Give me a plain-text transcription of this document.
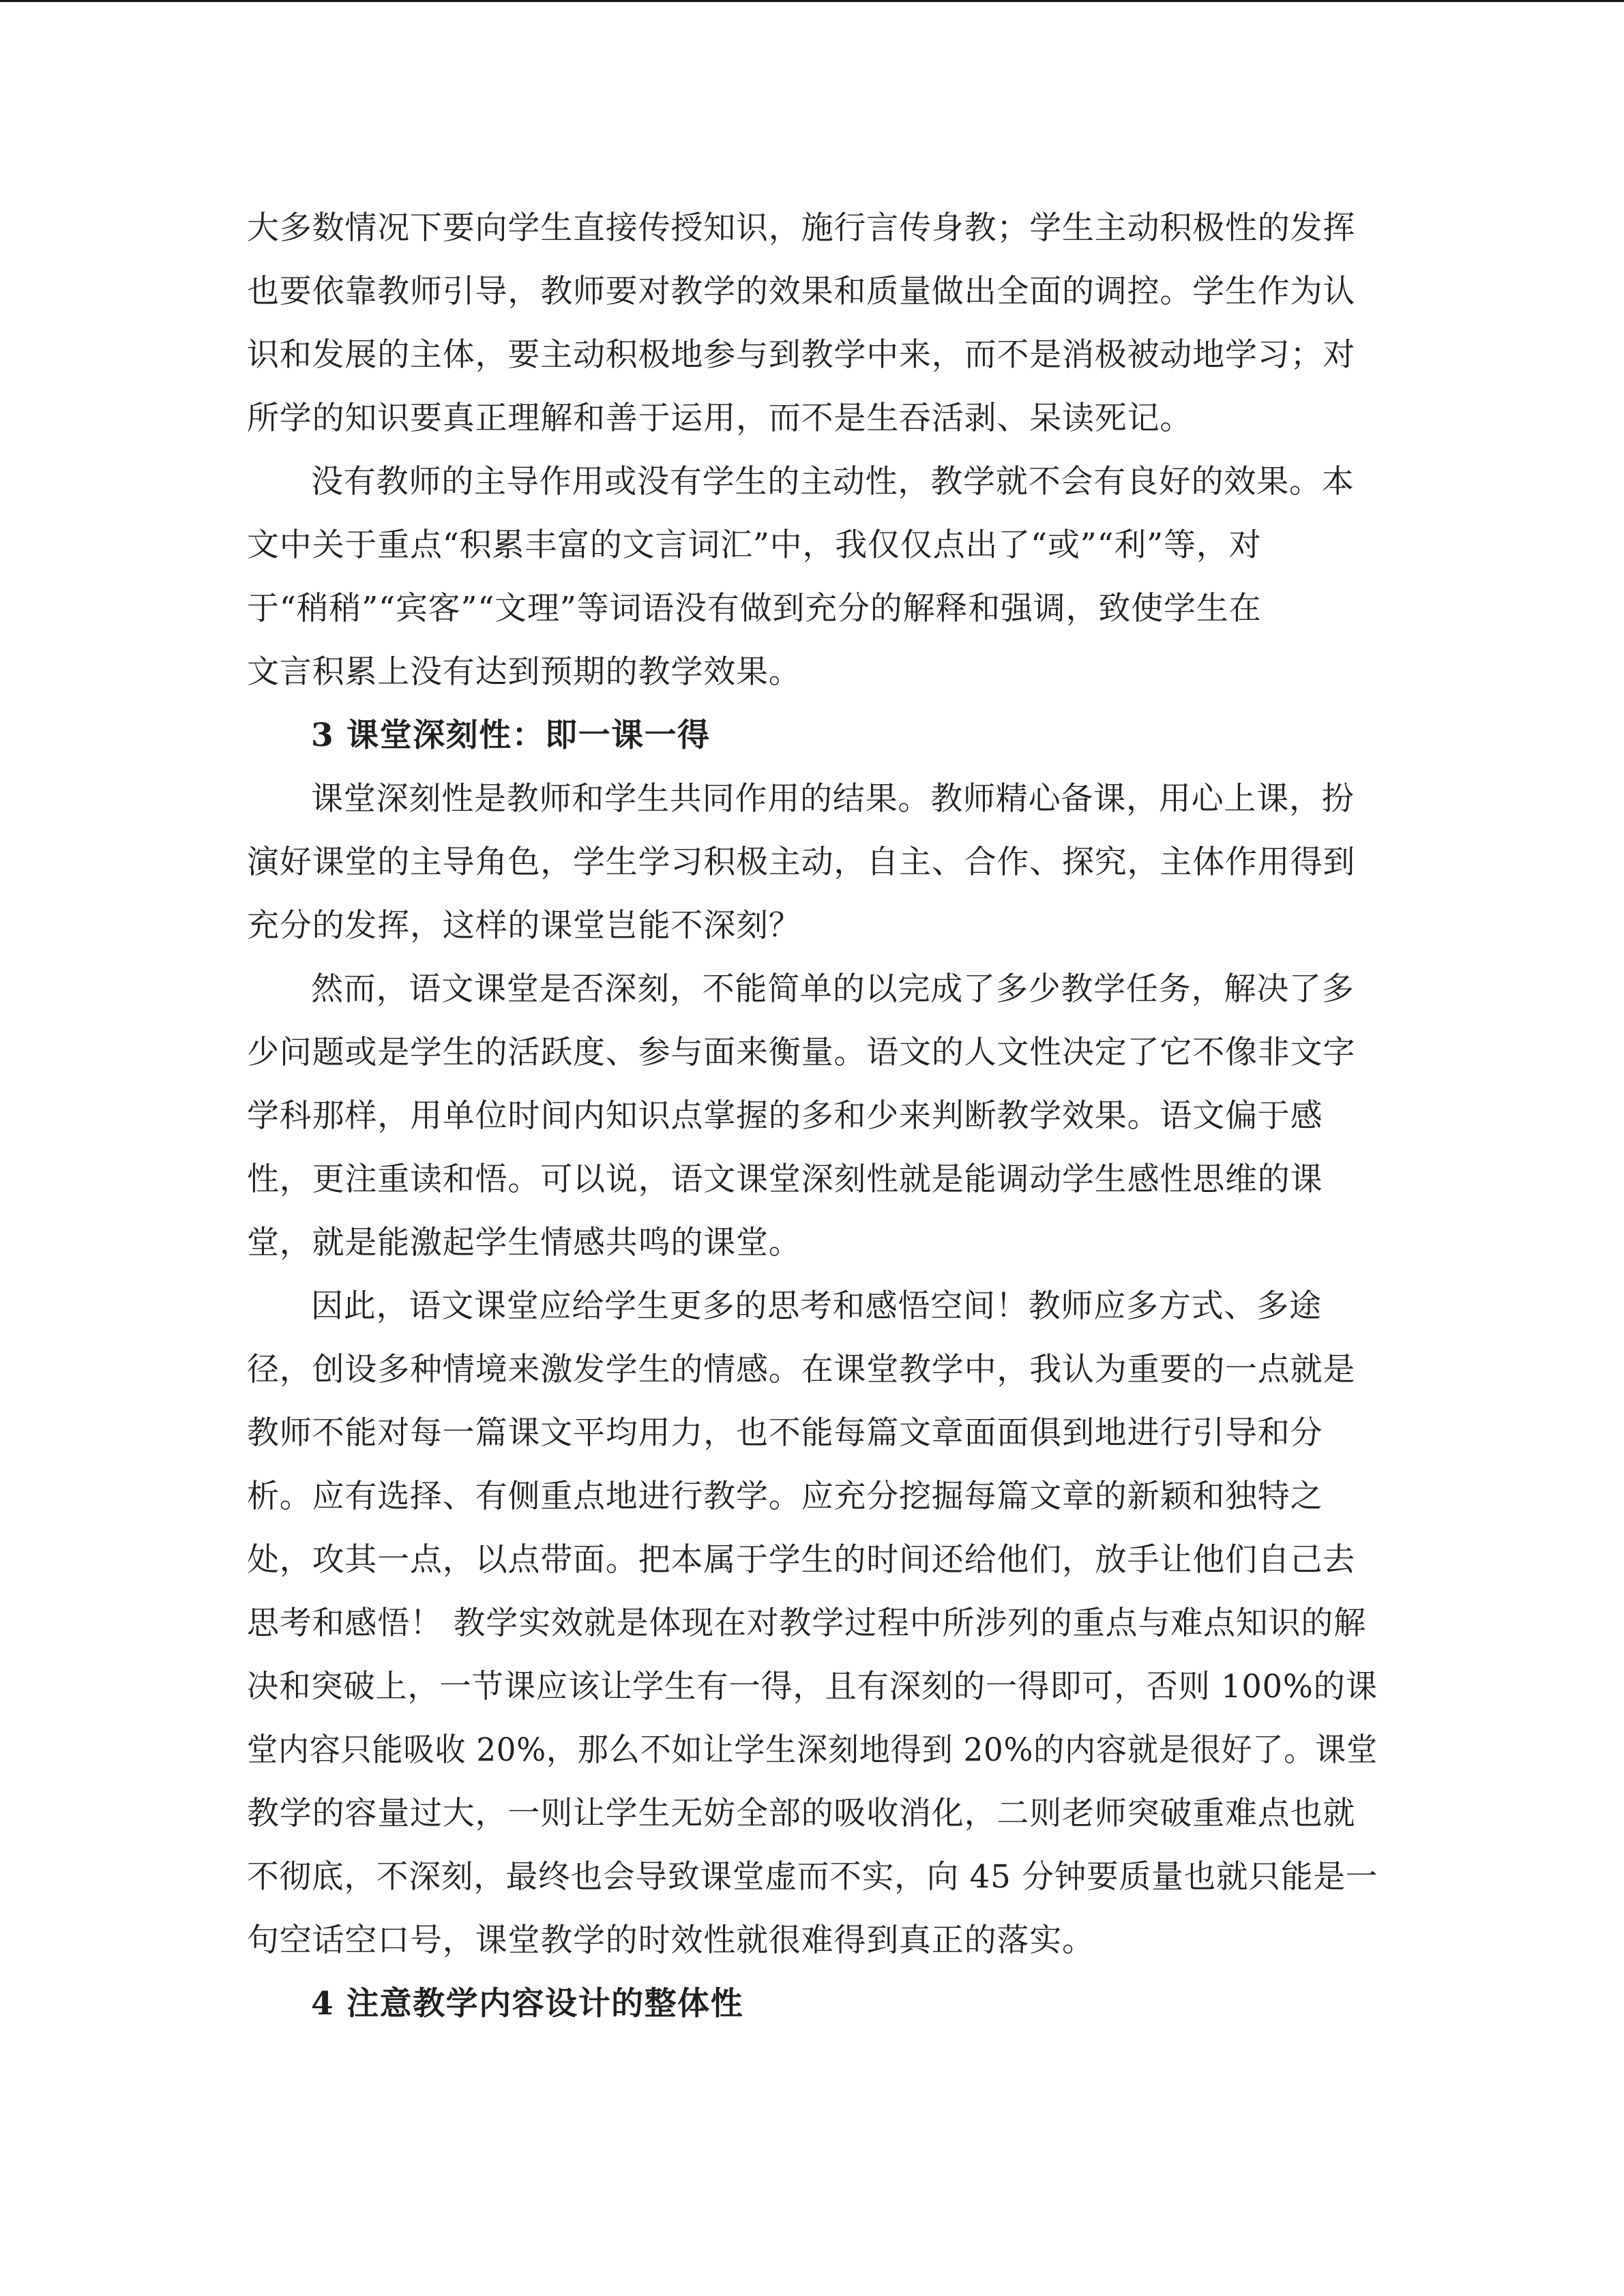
大多数情况下要向学生直接传授知识，施行言传身教；学生主动积极性的发挥
也要依靠教师引导，教师要对教学的效果和质量做出全面的调控。学生作为认
识和发展的主体，要主动积极地参与到教学中来，而不是消极被动地学习；对
所学的知识要真正理解和善于运用，而不是生吞活剥、呆读死记。
没有教师的主导作用或没有学生的主动性，教学就不会有良好的效果。本
文中关于重点“积累丰富的文言词汇”中，我仅仅点出了“或”“利”等，对
于“稍稍”“宾客”“文理”等词语没有做到充分的解释和强调，致使学生在
文言积累上没有达到预期的教学效果。
3 课堂深刻性：即一课一得
课堂深刻性是教师和学生共同作用的结果。教师精心备课，用心上课，扮
演好课堂的主导角色，学生学习积极主动，自主、合作、探究，主体作用得到
充分的发挥，这样的课堂岂能不深刻？
然而，语文课堂是否深刻，不能简单的以完成了多少教学任务，解决了多
少问题或是学生的活跃度、参与面来衡量。语文的人文性决定了它不像非文字
学科那样，用单位时间内知识点掌握的多和少来判断教学效果。语文偏于感
性，更注重读和悟。可以说，语文课堂深刻性就是能调动学生感性思维的课
堂，就是能激起学生情感共鸣的课堂。
因此，语文课堂应给学生更多的思考和感悟空间！教师应多方式、多途
径，创设多种情境来激发学生的情感。在课堂教学中，我认为重要的一点就是
教师不能对每一篇课文平均用力，也不能每篇文章面面俱到地进行引导和分
析。应有选择、有侧重点地进行教学。应充分挖掘每篇文章的新颖和独特之
处，攻其一点，以点带面。把本属于学生的时间还给他们，放手让他们自己去
思考和感悟！ 教学实效就是体现在对教学过程中所涉列的重点与难点知识的解
决和突破上，一节课应该让学生有一得，且有深刻的一得即可，否则 100%的课
堂内容只能吸收 20%，那么不如让学生深刻地得到 20%的内容就是很好了。课堂
教学的容量过大，一则让学生无妨全部的吸收消化，二则老师突破重难点也就
不彻底，不深刻，最终也会导致课堂虚而不实，向 45 分钟要质量也就只能是一
句空话空口号，课堂教学的时效性就很难得到真正的落实。
4 注意教学内容设计的整体性
